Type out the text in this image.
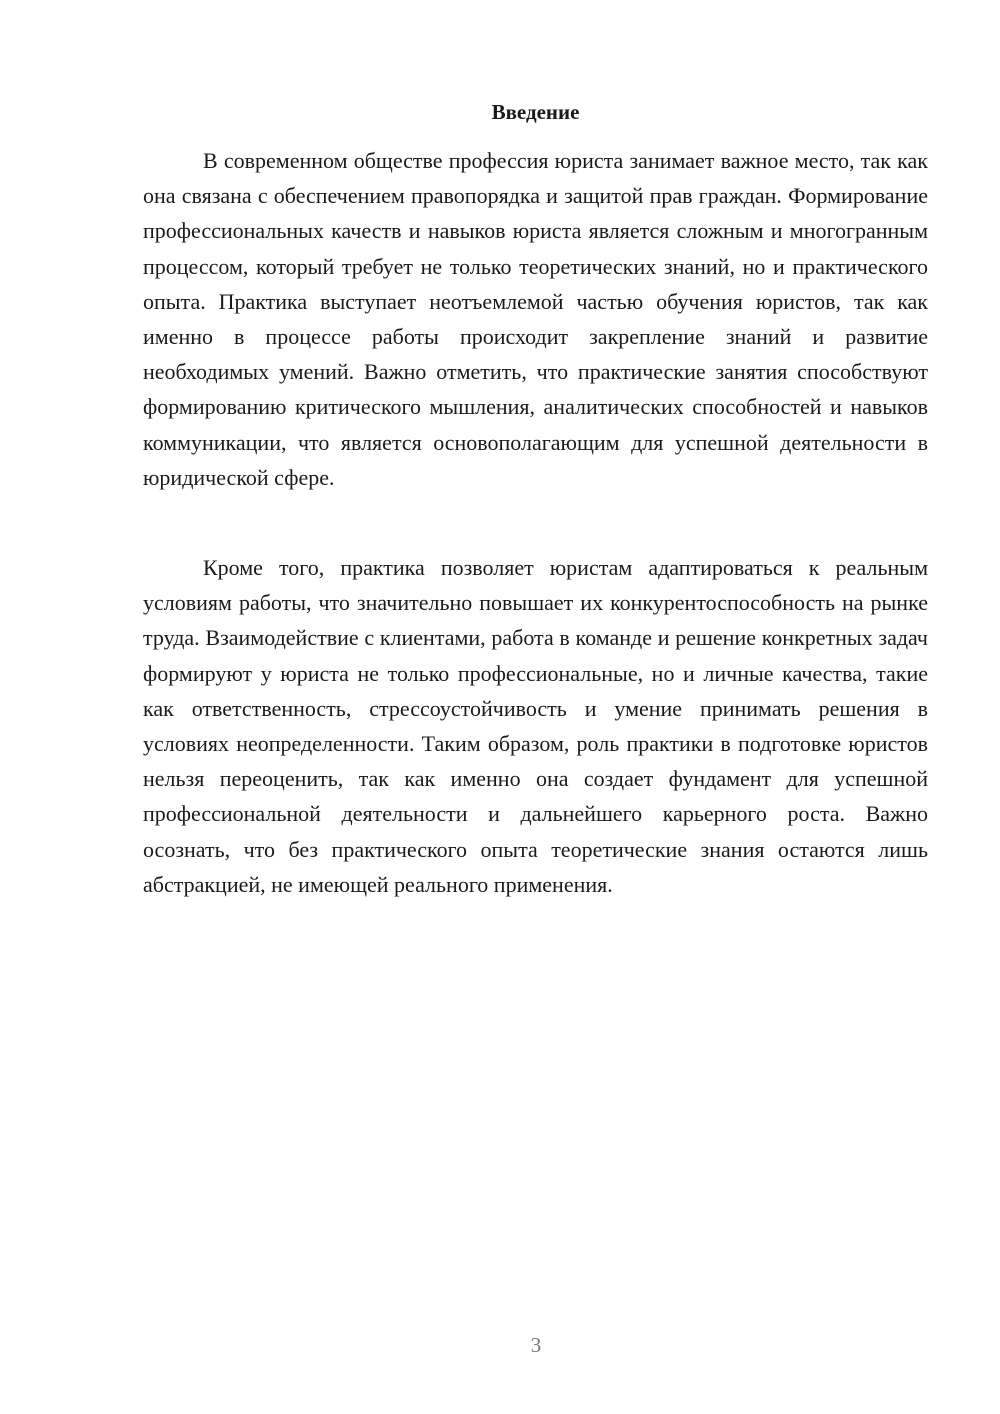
Введение

В современном обществе профессия юриста занимает важное место, так как она связана с обеспечением правопорядка и защитой прав граждан. Формирование профессиональных качеств и навыков юриста является сложным и многогранным процессом, который требует не только теоретических знаний, но и практического опыта. Практика выступает неотъемлемой частью обучения юристов, так как именно в процессе работы происходит закрепление знаний и развитие необходимых умений. Важно отметить, что практические занятия способствуют формированию критического мышления, аналитических способностей и навыков коммуникации, что является основополагающим для успешной деятельности в юридической сфере.

Кроме того, практика позволяет юристам адаптироваться к реальным условиям работы, что значительно повышает их конкурентоспособность на рынке труда. Взаимодействие с клиентами, работа в команде и решение конкретных задач формируют у юриста не только профессиональные, но и личные качества, такие как ответственность, стрессоустойчивость и умение принимать решения в условиях неопределенности. Таким образом, роль практики в подготовке юристов нельзя переоценить, так как именно она создает фундамент для успешной профессиональной деятельности и дальнейшего карьерного роста. Важно осознать, что без практического опыта теоретические знания остаются лишь абстракцией, не имеющей реального применения.

3
